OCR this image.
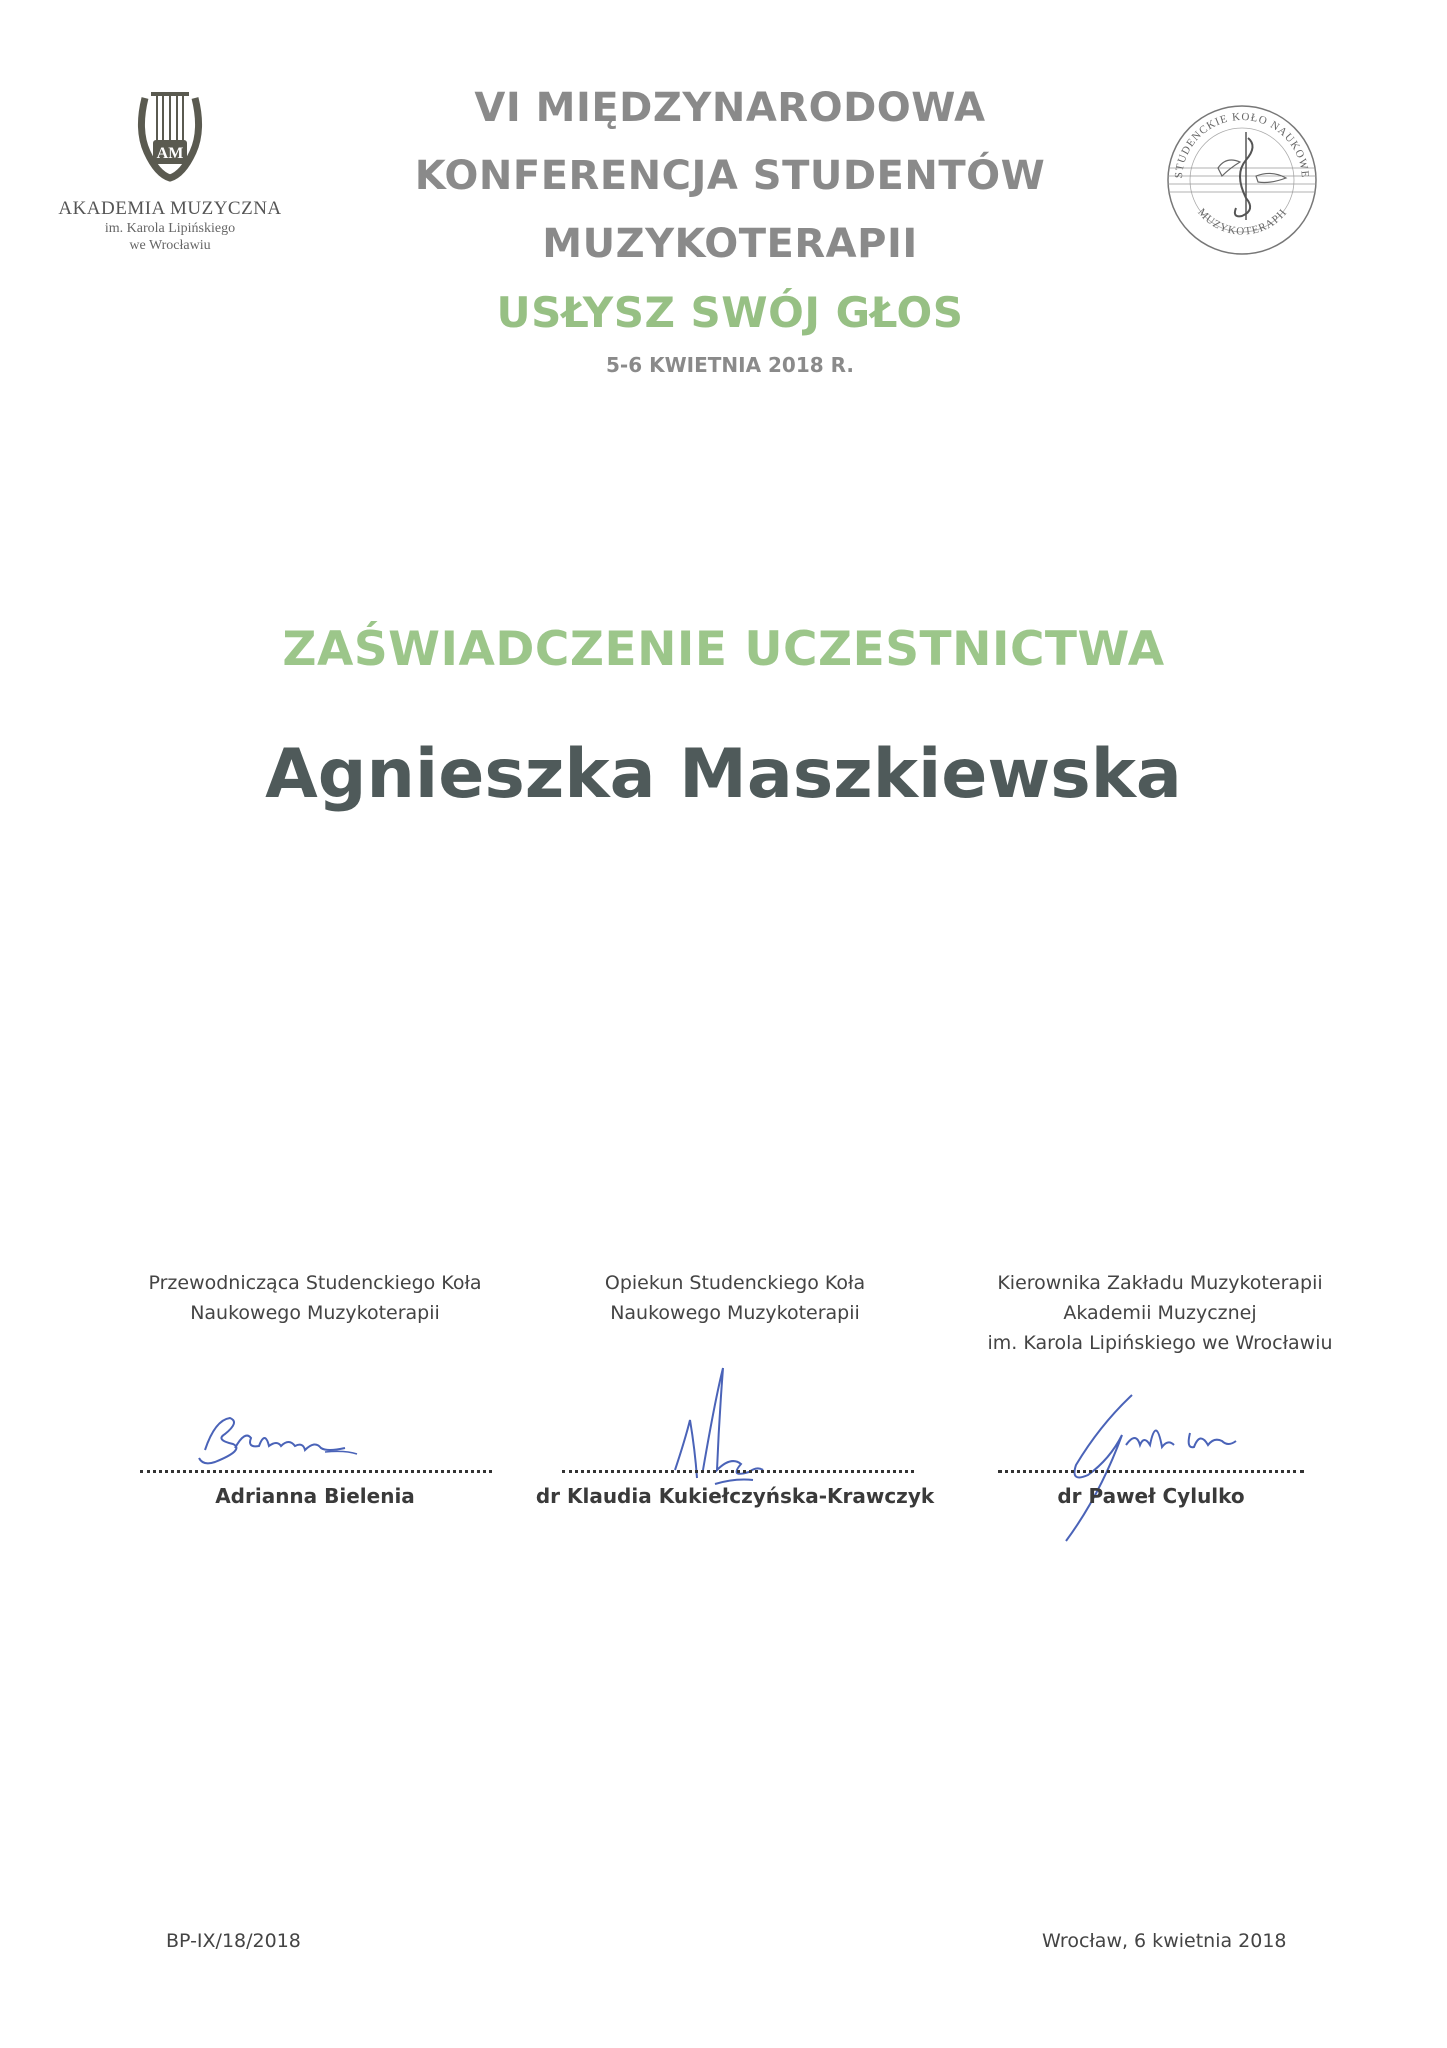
AM
AKADEMIA MUZYCZNA
im. Karola Lipińskiego
we Wrocławiu
STUDENCKIE KOŁO NAUKOWE
MUZYKOTERAPII
VI MIĘDZYNARODOWA
KONFERENCJA STUDENTÓW
MUZYKOTERAPII
USŁYSZ SWÓJ GŁOS
5-6 KWIETNIA 2018 R.
ZAŚWIADCZENIE UCZESTNICTWA
Agnieszka Maszkiewska
Przewodnicząca Studenckiego Koła
Naukowego Muzykoterapii
Opiekun Studenckiego Koła
Naukowego Muzykoterapii
Kierownika Zakładu Muzykoterapii
Akademii Muzycznej
im. Karola Lipińskiego we Wrocławiu
Adrianna Bielenia	dr Klaudia Kukiełczyńska-Krawczyk	dr Paweł Cylulko
BP-IX/18/2018	Wrocław, 6 kwietnia 2018
